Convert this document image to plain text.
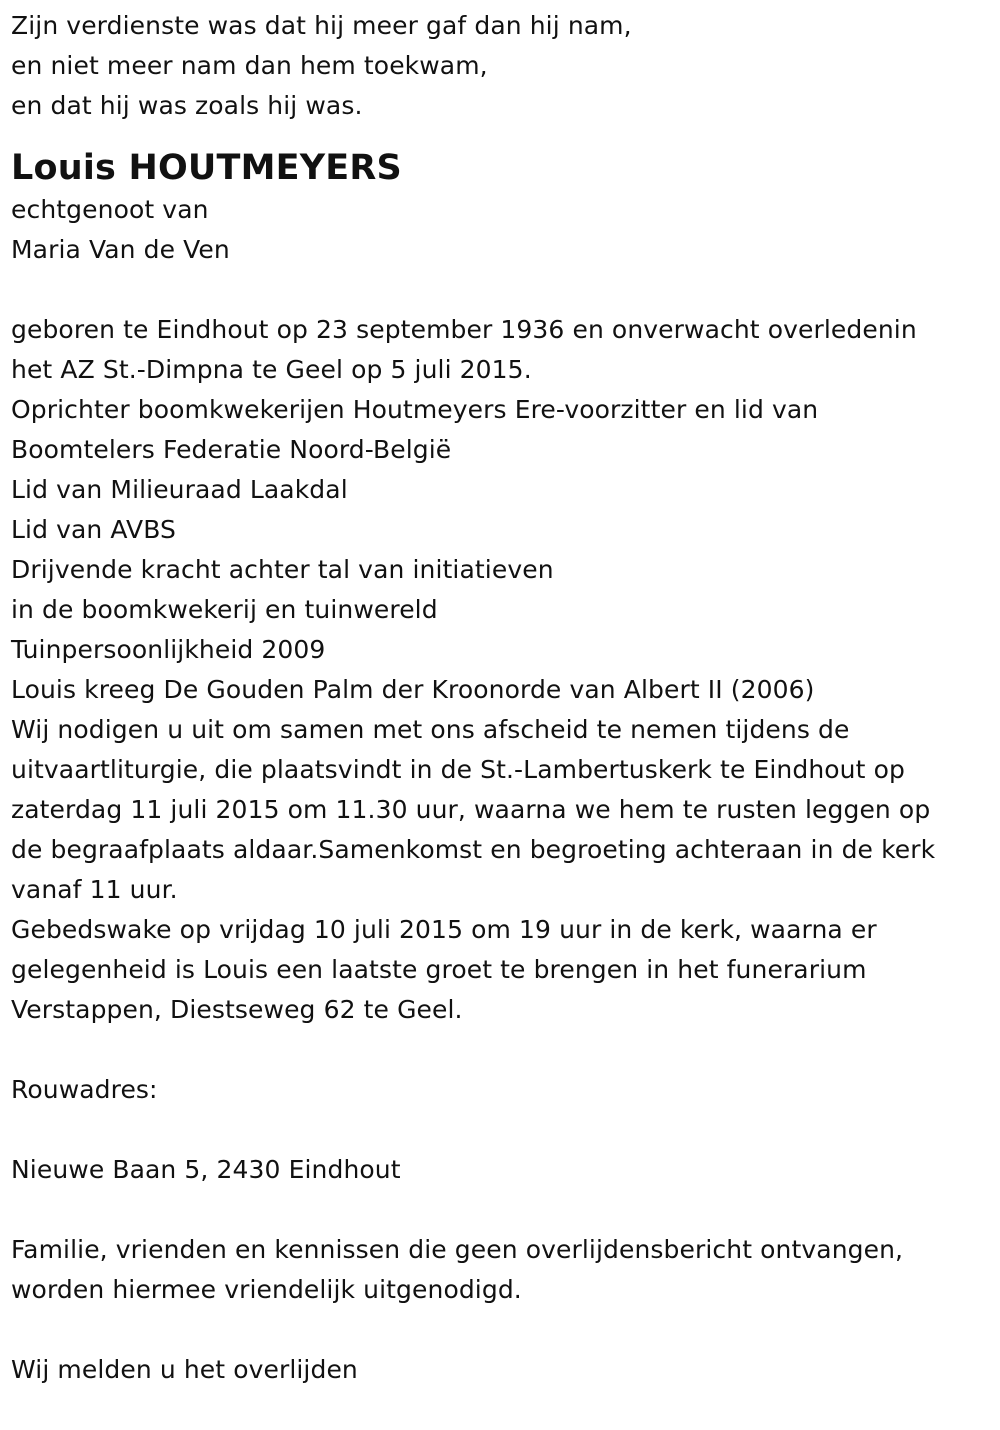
Zijn verdienste was dat hij meer gaf dan hij nam,
en niet meer nam dan hem toekwam,
en dat hij was zoals hij was.
Louis HOUTMEYERS
echtgenoot van
Maria Van de Ven
geboren te Eindhout op 23 september 1936 en onverwacht overledenin
het AZ St.-Dimpna te Geel op 5 juli 2015.
Oprichter boomkwekerijen Houtmeyers Ere-voorzitter en lid van
Boomtelers Federatie Noord-België
Lid van Milieuraad Laakdal
Lid van AVBS
Drijvende kracht achter tal van initiatieven
in de boomkwekerij en tuinwereld
Tuinpersoonlijkheid 2009
Louis kreeg De Gouden Palm der Kroonorde van Albert II (2006)
Wij nodigen u uit om samen met ons afscheid te nemen tijdens de
uitvaartliturgie, die plaatsvindt in de St.-Lambertuskerk te Eindhout op
zaterdag 11 juli 2015 om 11.30 uur, waarna we hem te rusten leggen op
de begraafplaats aldaar.Samenkomst en begroeting achteraan in de kerk
vanaf 11 uur.
Gebedswake op vrijdag 10 juli 2015 om 19 uur in de kerk, waarna er
gelegenheid is Louis een laatste groet te brengen in het funerarium
Verstappen, Diestseweg 62 te Geel.
Rouwadres:
Nieuwe Baan 5, 2430 Eindhout
Familie, vrienden en kennissen die geen overlijdensbericht ontvangen,
worden hiermee vriendelijk uitgenodigd.
Wij melden u het overlijden
